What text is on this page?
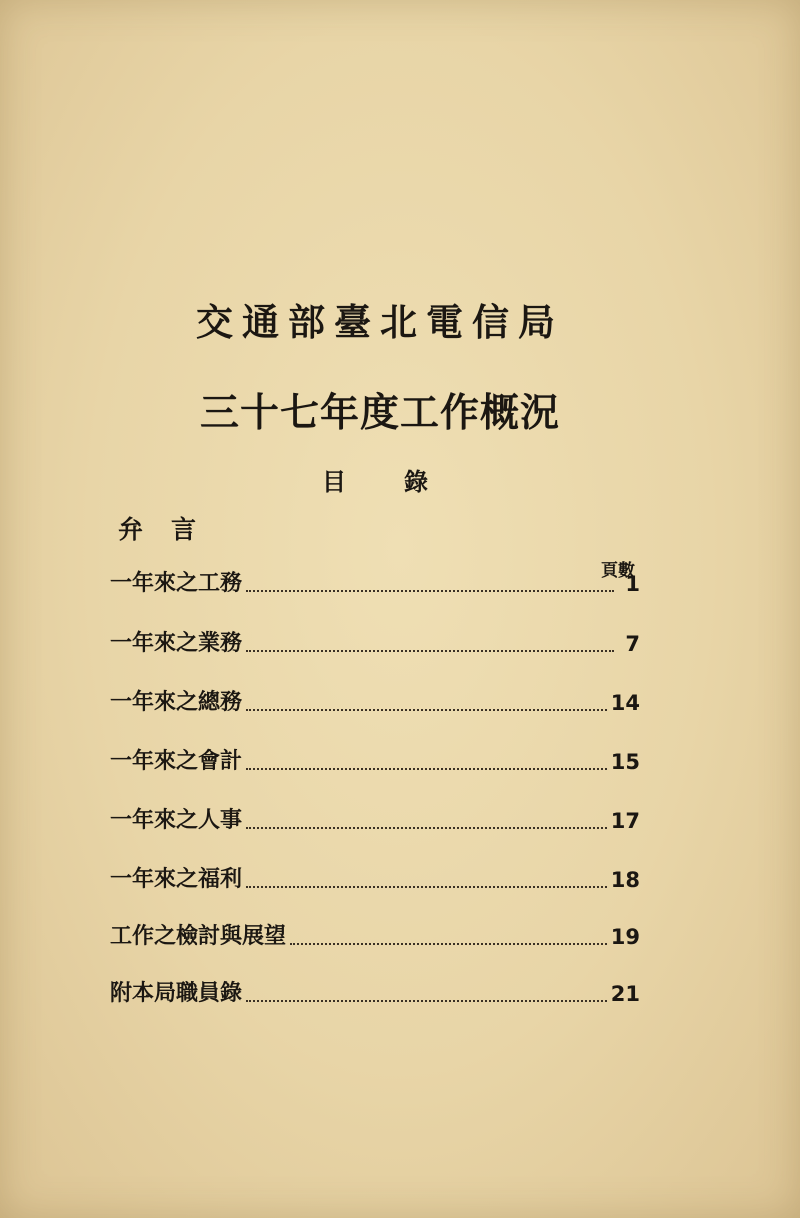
交通部臺北電信局
三十七年度工作概況
目 錄
弁 言
頁數
一年來之工務	1
一年來之業務	7
一年來之總務	14
一年來之會計	15
一年來之人事	17
一年來之福利	18
工作之檢討與展望	19
附本局職員錄	21
